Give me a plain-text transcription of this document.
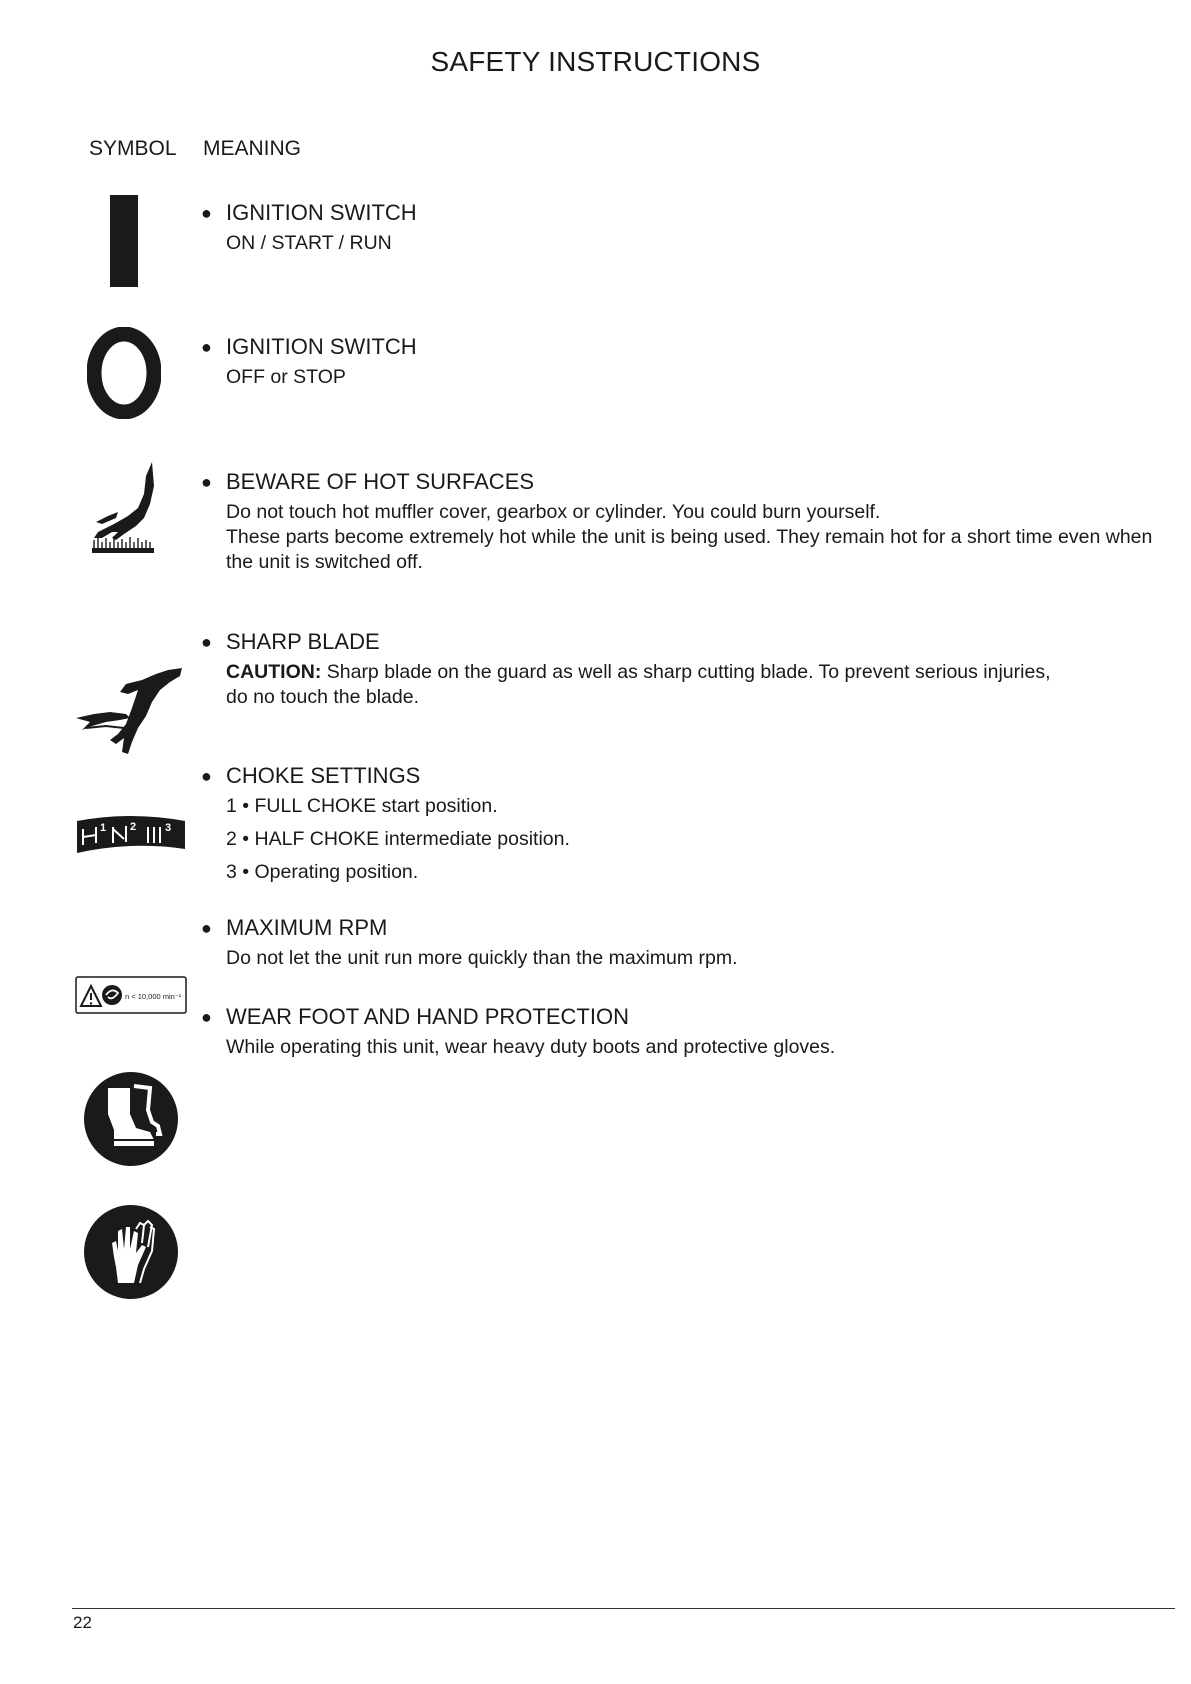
SAFETY INSTRUCTIONS
SYMBOL MEANING
1 2	3
n < 10,000 min⁻¹
● IGNITION SWITCH

ON / START / RUN

● IGNITION SWITCH

OFF or STOP

● BEWARE OF HOT SURFACES
Do not touch hot muffler cover, gearbox or cylinder. You could burn yourself.
These parts become extremely hot while the unit is being used. They remain hot for a short time even when
the unit is switched off.
● SHARP BLADE
CAUTION: Sharp blade on the guard as well as sharp cutting blade. To prevent serious injuries,
do no touch the blade.
● CHOKE SETTINGS
1 • FULL CHOKE start position.
2 • HALF CHOKE intermediate position.
3 • Operating position.
● MAXIMUM RPM

Do not let the unit run more quickly than the maximum rpm.

● WEAR FOOT AND HAND PROTECTION

While operating this unit, wear heavy duty boots and protective gloves.

22
